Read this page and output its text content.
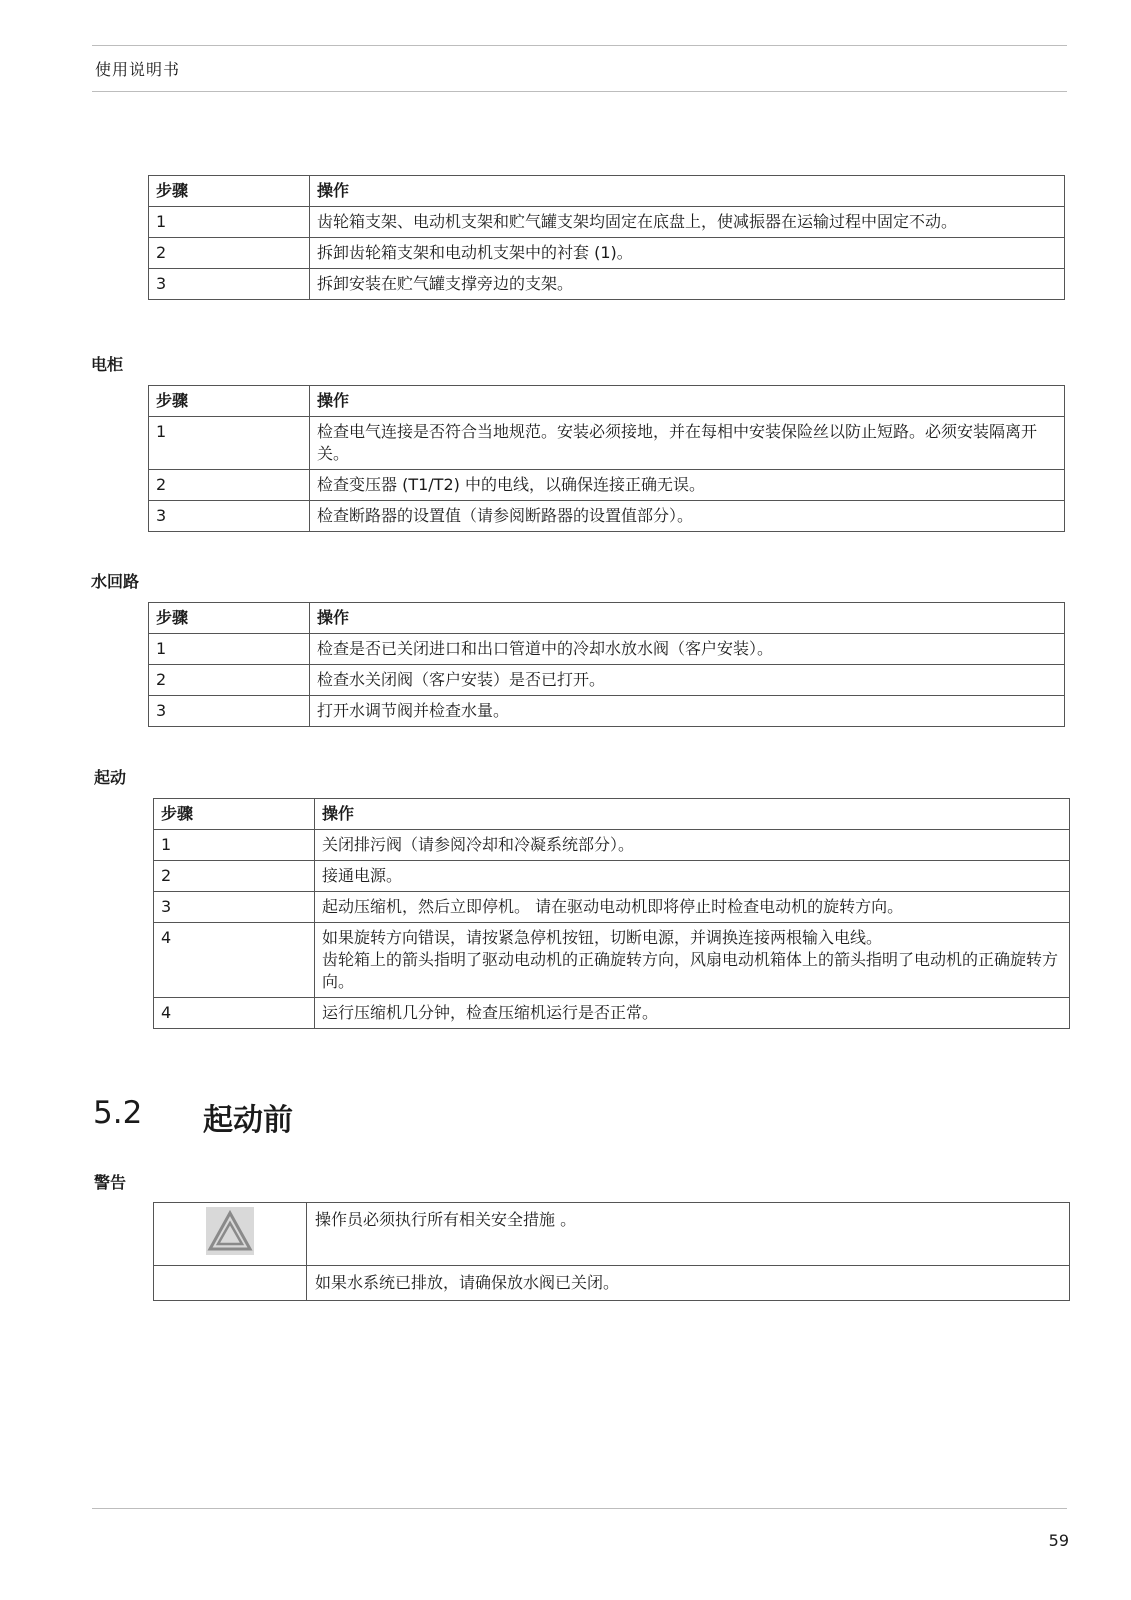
使用说明书
步骤	操作
1	齿轮箱支架、电动机支架和贮气罐支架均固定在底盘上，使减振器在运输过程中固定不动。
2	拆卸齿轮箱支架和电动机支架中的衬套 (1)。
3	拆卸安装在贮气罐支撑旁边的支架。
电柜
步骤	操作
1	检查电气连接是否符合当地规范。安装必须接地，并在每相中安装保险丝以防止短路。必须安装隔离开关。
2	检查变压器 (T1/T2) 中的电线，以确保连接正确无误。
3	检查断路器的设置值（请参阅断路器的设置值部分）。
水回路
步骤	操作
1	检查是否已关闭进口和出口管道中的冷却水放水阀（客户安装）。
2	检查水关闭阀（客户安装）是否已打开。
3	打开水调节阀并检查水量。
起动
步骤	操作
1	关闭排污阀（请参阅冷却和冷凝系统部分）。
2	接通电源。
3	起动压缩机，然后立即停机。 请在驱动电动机即将停止时检查电动机的旋转方向。
4	如果旋转方向错误，请按紧急停机按钮，切断电源，并调换连接两根输入电线。
齿轮箱上的箭头指明了驱动电动机的正确旋转方向，风扇电动机箱体上的箭头指明了电动机的正确旋转方向。
4	运行压缩机几分钟，检查压缩机运行是否正常。
5.2 起动前
警告
	操作员必须执行所有相关安全措施 。
	如果水系统已排放，请确保放水阀已关闭。
59
